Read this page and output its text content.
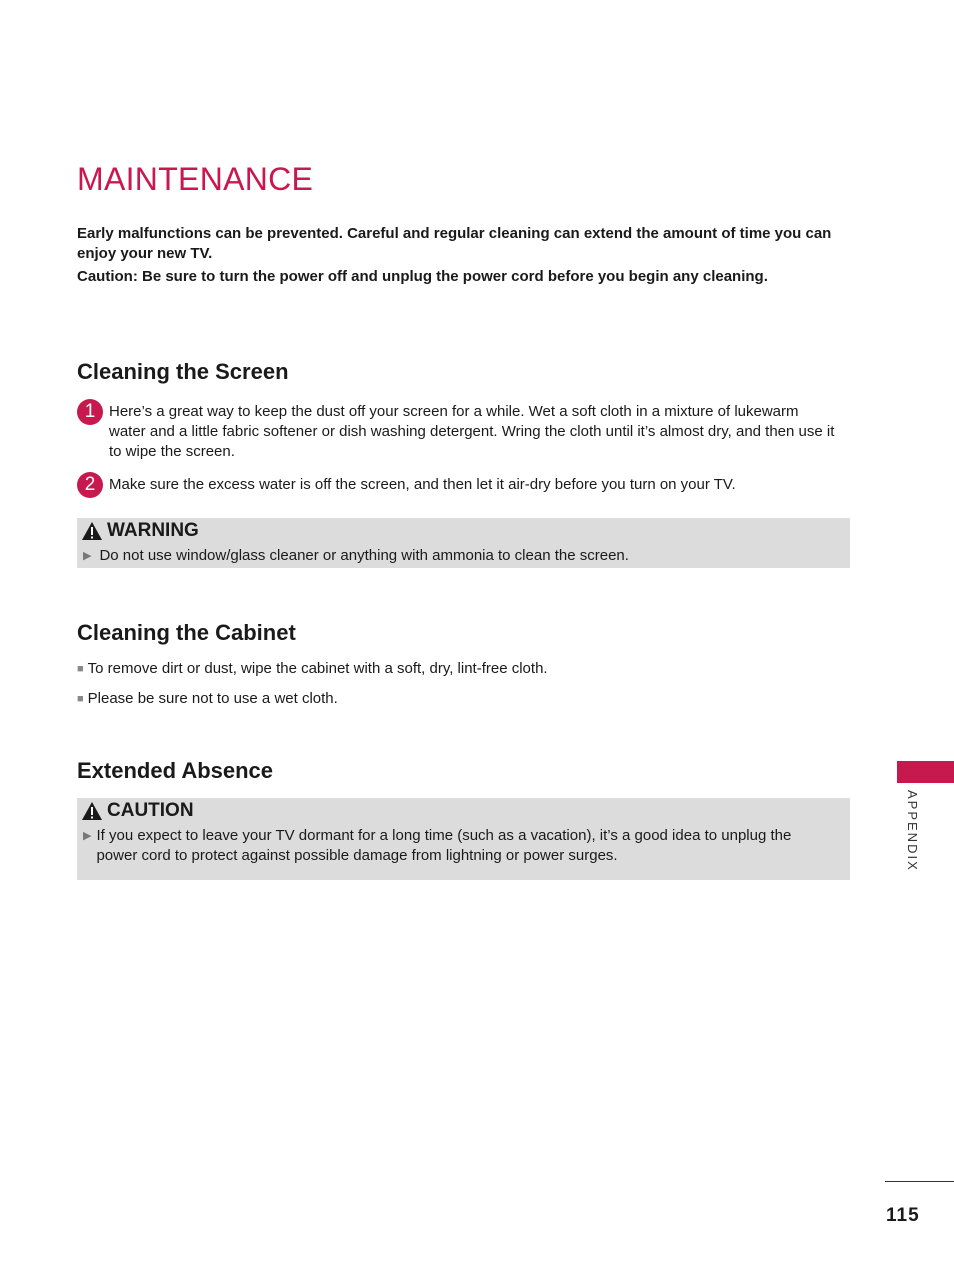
MAINTENANCE

Early malfunctions can be prevented. Careful and regular cleaning can extend the amount of time you can enjoy your new TV.

Caution: Be sure to turn the power off and unplug the power cord before you begin any cleaning.

Cleaning the Screen
1 Here’s a great way to keep the dust off your screen for a while. Wet a soft cloth in a mixture of lukewarm water and a little fabric softener or dish washing detergent. Wring the cloth until it’s almost dry, and then use it to wipe the screen.
2 Make sure the excess water is off the screen, and then let it air-dry before you turn on your TV.
WARNING
▶ Do not use window/glass cleaner or anything with ammonia to clean the screen.
Cleaning the Cabinet
■ To remove dirt or dust, wipe the cabinet with a soft, dry, lint-free cloth.
■ Please be sure not to use a wet cloth.
Extended Absence
CAUTION
▶ If you expect to leave your TV dormant for a long time (such as a vacation), it’s a good idea to unplug the power cord to protect against possible damage from lightning or power surges.	APPENDIX
115
